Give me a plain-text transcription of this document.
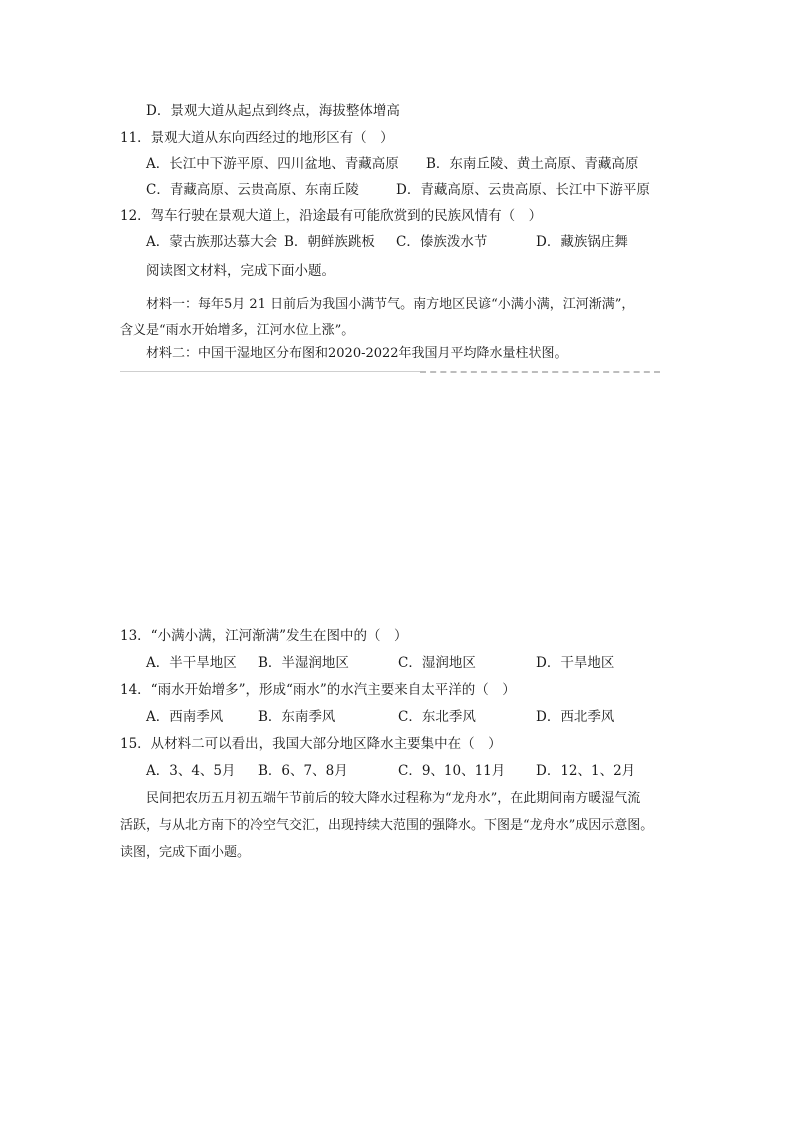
D．景观大道从起点到终点，海拔整体增高
11．景观大道从东向西经过的地形区有（　）
A．长江中下游平原、四川盆地、青藏高原 B．东南丘陵、黄土高原、青藏高原
C．青藏高原、云贵高原、东南丘陵	D．青藏高原、云贵高原、长江中下游平原
12．驾车行驶在景观大道上，沿途最有可能欣赏到的民族风情有（　）
A．蒙古族那达慕大会 B．朝鲜族跳板 C．傣族泼水节	D．藏族锅庄舞
阅读图文材料，完成下面小题。
材料一：每年5月 21 日前后为我国小满节气。南方地区民谚“小满小满，江河渐满”，
含义是“雨水开始增多，江河水位上涨”。
材料二：中国干湿地区分布图和2020-2022年我国月平均降水量柱状图。
13．“小满小满，江河渐满”发生在图中的（　）
A．半干旱地区 B．半湿润地区	C．湿润地区	D．干旱地区
14．“雨水开始增多”，形成“雨水”的水汽主要来自太平洋的（　）
A．西南季风	B．东南季风	C．东北季风	D．西北季风
15．从材料二可以看出，我国大部分地区降水主要集中在（　）
A．3、4、5月 B．6、7、8月	C．9、10、11月 D．12、1、2月
民间把农历五月初五端午节前后的较大降水过程称为“龙舟水”，在此期间南方暖湿气流
活跃，与从北方南下的冷空气交汇，出现持续大范围的强降水。下图是“龙舟水”成因示意图。
读图，完成下面小题。
